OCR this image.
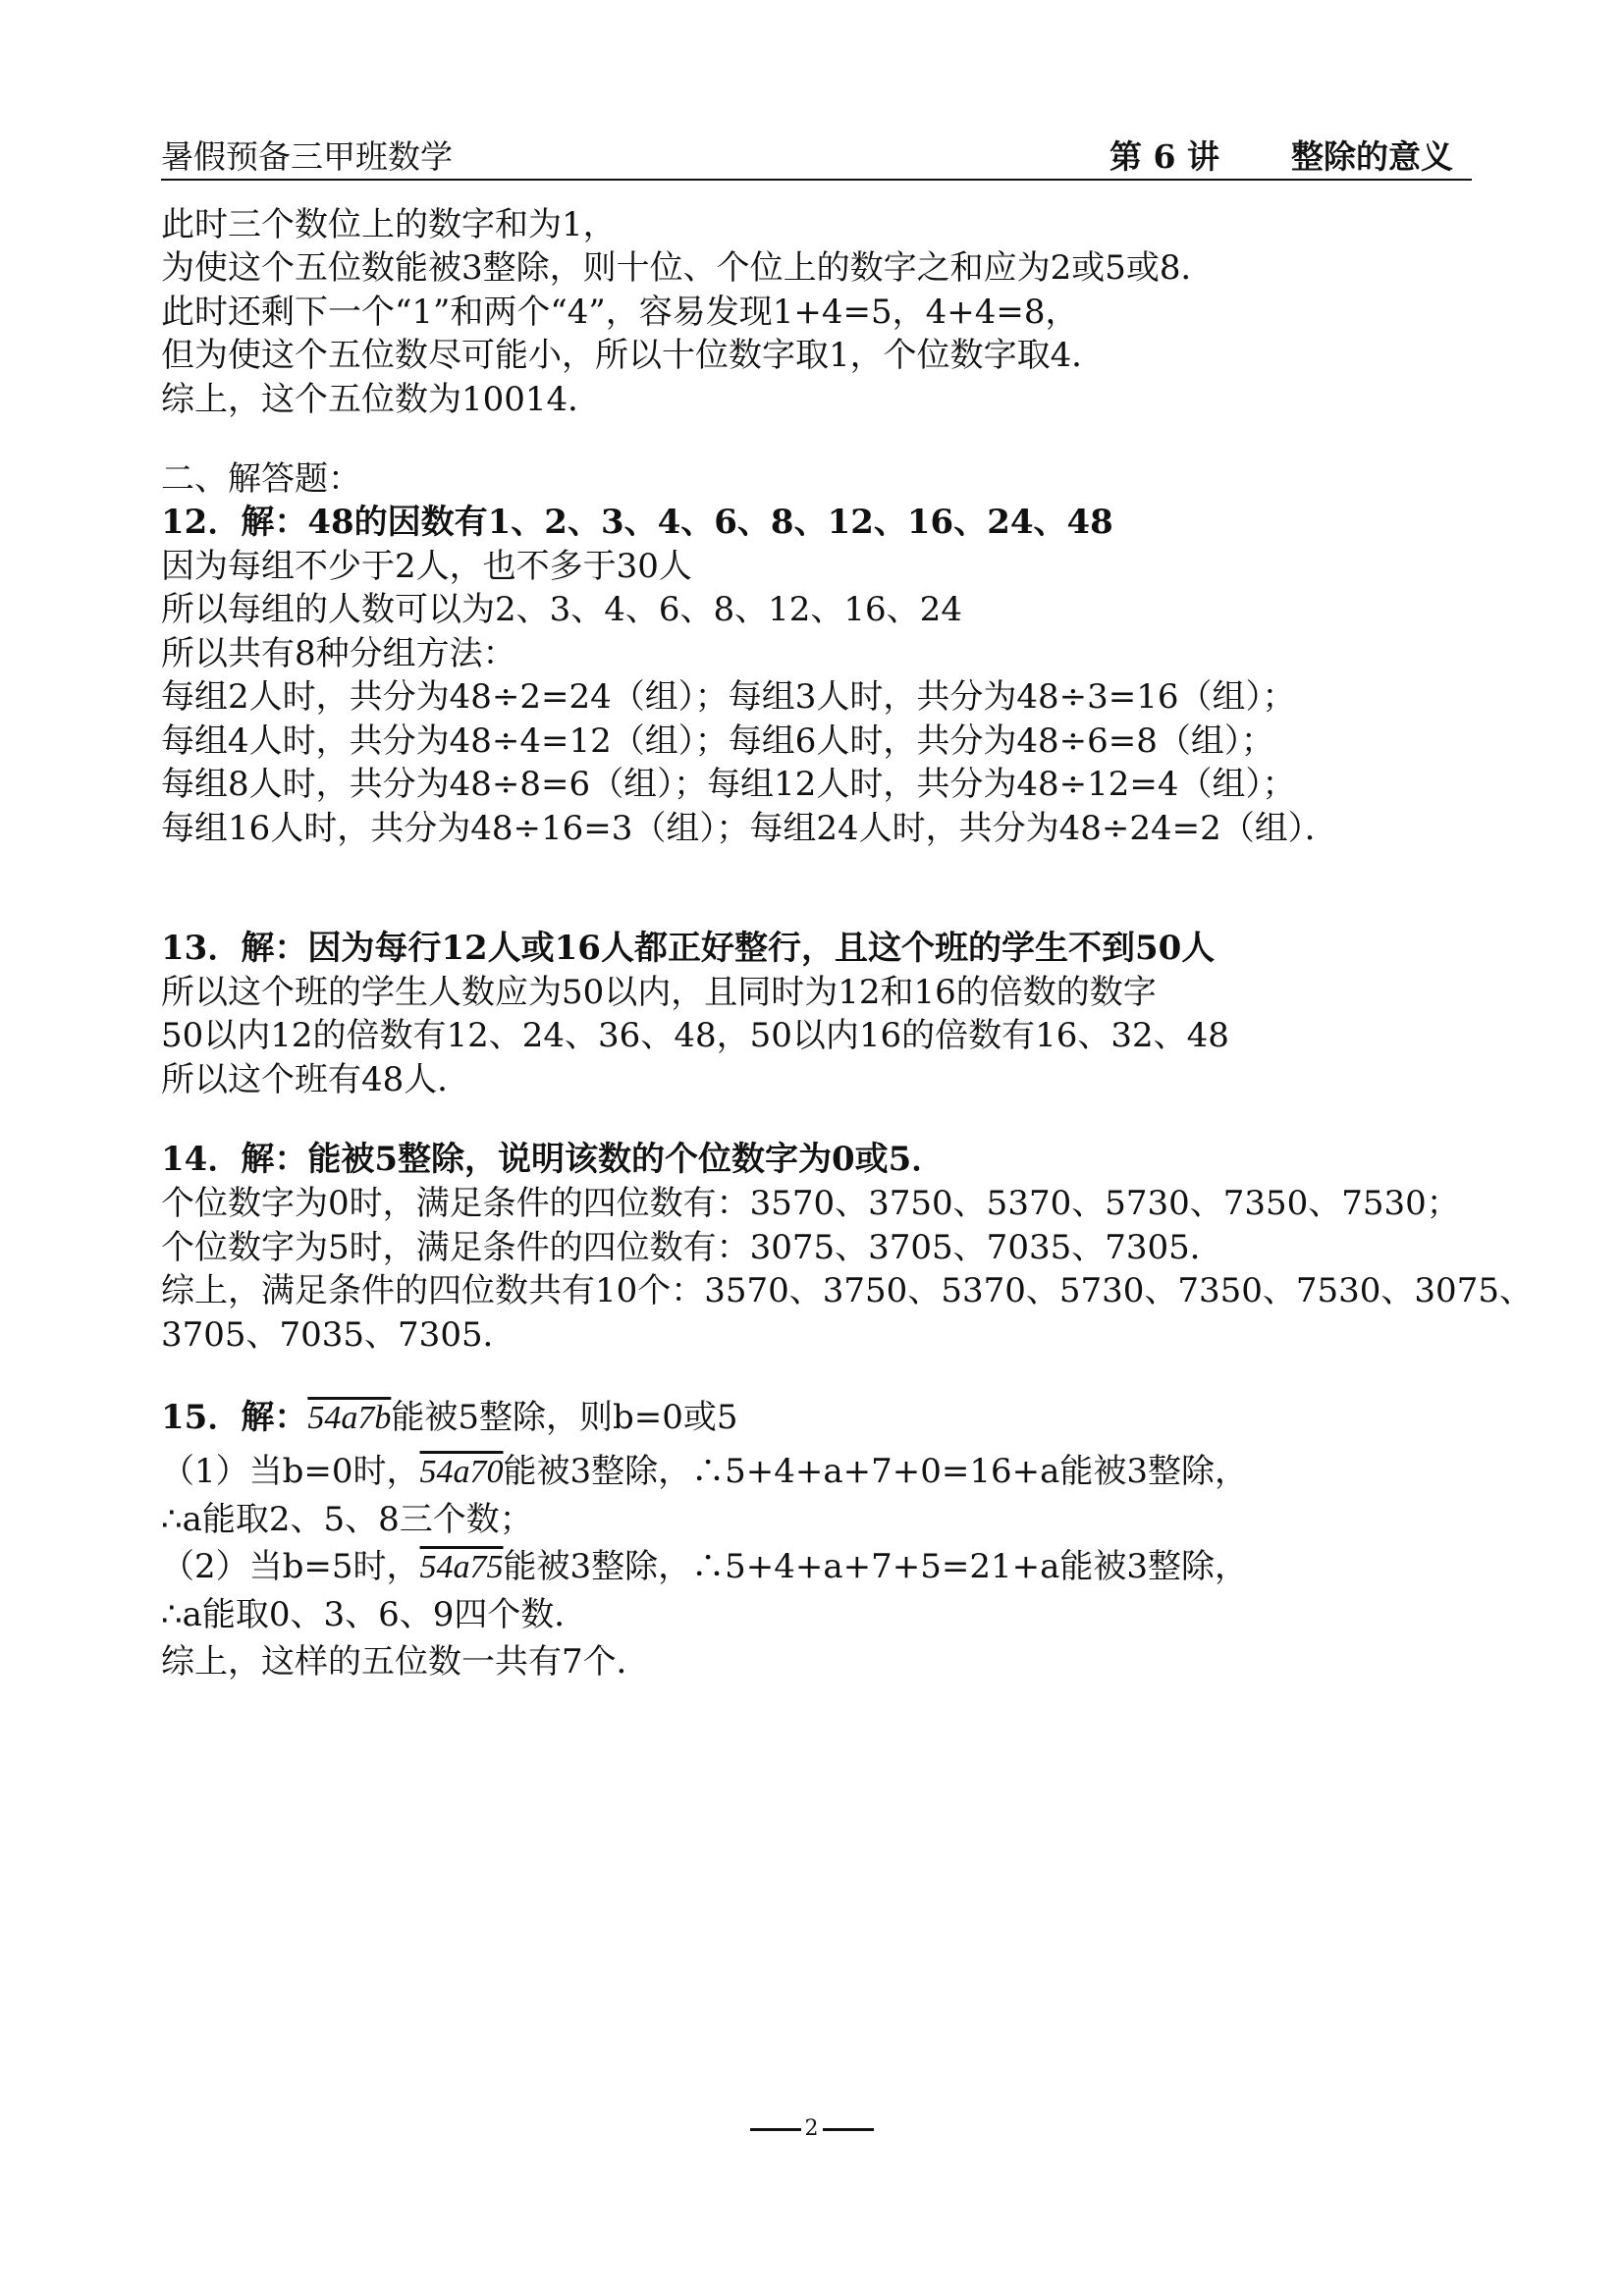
暑假预备三甲班数学	第 6 讲 整除的意义
此时三个数位上的数字和为1，
为使这个五位数能被3整除，则十位、个位上的数字之和应为2或5或8．
此时还剩下一个“1”和两个“4”，容易发现1+4=5，4+4=8，
但为使这个五位数尽可能小，所以十位数字取1，个位数字取4．
综上，这个五位数为10014．
二、解答题：
12．解：48的因数有1、2、3、4、6、8、12、16、24、48
因为每组不少于2人，也不多于30人
所以每组的人数可以为2、3、4、6、8、12、16、24
所以共有8种分组方法：
每组2人时，共分为48÷2=24（组）；每组3人时，共分为48÷3=16（组）；
每组4人时，共分为48÷4=12（组）；每组6人时，共分为48÷6=8（组）；
每组8人时，共分为48÷8=6（组）；每组12人时，共分为48÷12=4（组）；
每组16人时，共分为48÷16=3（组）；每组24人时，共分为48÷24=2（组）．
13．解：因为每行12人或16人都正好整行，且这个班的学生不到50人
所以这个班的学生人数应为50以内，且同时为12和16的倍数的数字
50以内12的倍数有12、24、36、48，50以内16的倍数有16、32、48
所以这个班有48人．
14．解：能被5整除，说明该数的个位数字为0或5．
个位数字为0时，满足条件的四位数有：3570、3750、5370、5730、7350、7530；
个位数字为5时，满足条件的四位数有：3075、3705、7035、7305．
综上，满足条件的四位数共有10个：3570、3750、5370、5730、7350、7530、3075、
3705、7035、7305．
15．解：54a7b能被5整除，则b=0或5
（1）当b=0时，54a70能被3整除，∴5+4+a+7+0=16+a能被3整除，
∴a能取2、5、8三个数；
（2）当b=5时，54a75能被3整除，∴5+4+a+7+5=21+a能被3整除，
∴a能取0、3、6、9四个数．
综上，这样的五位数一共有7个．
2
